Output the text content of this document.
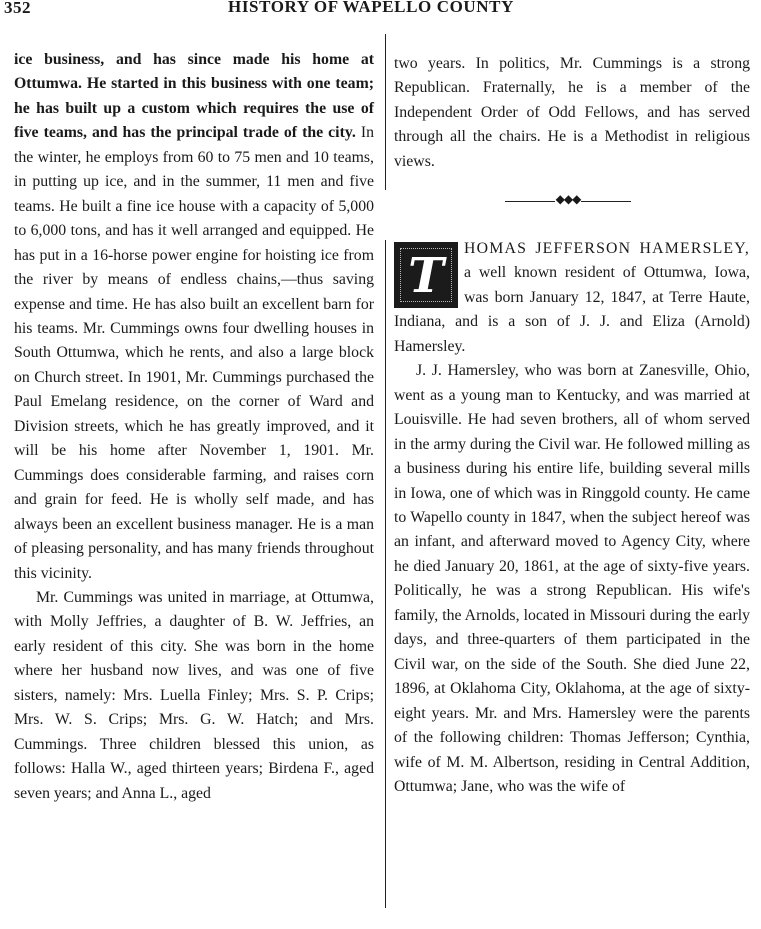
352	HISTORY OF WAPELLO COUNTY

ice business, and has since made his home at Ottumwa. He started in this business with one team; he has built up a custom which requires the use of five teams, and has the principal trade of the city. In the winter, he employs from 60 to 75 men and 10 teams, in putting up ice, and in the summer, 11 men and five teams. He built a fine ice house with a capacity of 5,000 to 6,000 tons, and has it well arranged and equipped. He has put in a 16-horse power engine for hoisting ice from the river by means of endless chains,—thus saving expense and time. He has also built an excellent barn for his teams. Mr. Cummings owns four dwelling houses in South Ottumwa, which he rents, and also a large block on Church street. In 1901, Mr. Cummings purchased the Paul Emelang residence, on the corner of Ward and Division streets, which he has greatly improved, and it will be his home after November 1, 1901. Mr. Cummings does considerable farming, and raises corn and grain for feed. He is wholly self made, and has always been an excellent business manager. He is a man of pleasing personality, and has many friends throughout this vicinity.

Mr. Cummings was united in marriage, at Ottumwa, with Molly Jeffries, a daughter of B. W. Jeffries, an early resident of this city. She was born in the home where her husband now lives, and was one of five sisters, namely: Mrs. Luella Finley; Mrs. S. P. Crips; Mrs. W. S. Crips; Mrs. G. W. Hatch; and Mrs. Cummings. Three children blessed this union, as follows: Halla W., aged thirteen years; Birdena F., aged seven years; and Anna L., aged

two years. In politics, Mr. Cummings is a strong Republican. Fraternally, he is a member of the Independent Order of Odd Fellows, and has served through all the chairs. He is a Methodist in religious views.

◆◆◆
T	HOMAS JEFFERSON HAMERSLEY, a well known resident of Ottumwa, Iowa, was born January 12, 1847, at Terre Haute, Indiana, and is a son of J. J. and Eliza (Arnold) Hamersley.

J. J. Hamersley, who was born at Zanesville, Ohio, went as a young man to Kentucky, and was married at Louisville. He had seven brothers, all of whom served in the army during the Civil war. He followed milling as a business during his entire life, building several mills in Iowa, one of which was in Ringgold county. He came to Wapello county in 1847, when the subject hereof was an infant, and afterward moved to Agency City, where he died January 20, 1861, at the age of sixty-five years. Politically, he was a strong Republican. His wife's family, the Arnolds, located in Missouri during the early days, and three-quarters of them participated in the Civil war, on the side of the South. She died June 22, 1896, at Oklahoma City, Oklahoma, at the age of sixty-eight years. Mr. and Mrs. Hamersley were the parents of the following children: Thomas Jefferson; Cynthia, wife of M. M. Albertson, residing in Central Addition, Ottumwa; Jane, who was the wife of
